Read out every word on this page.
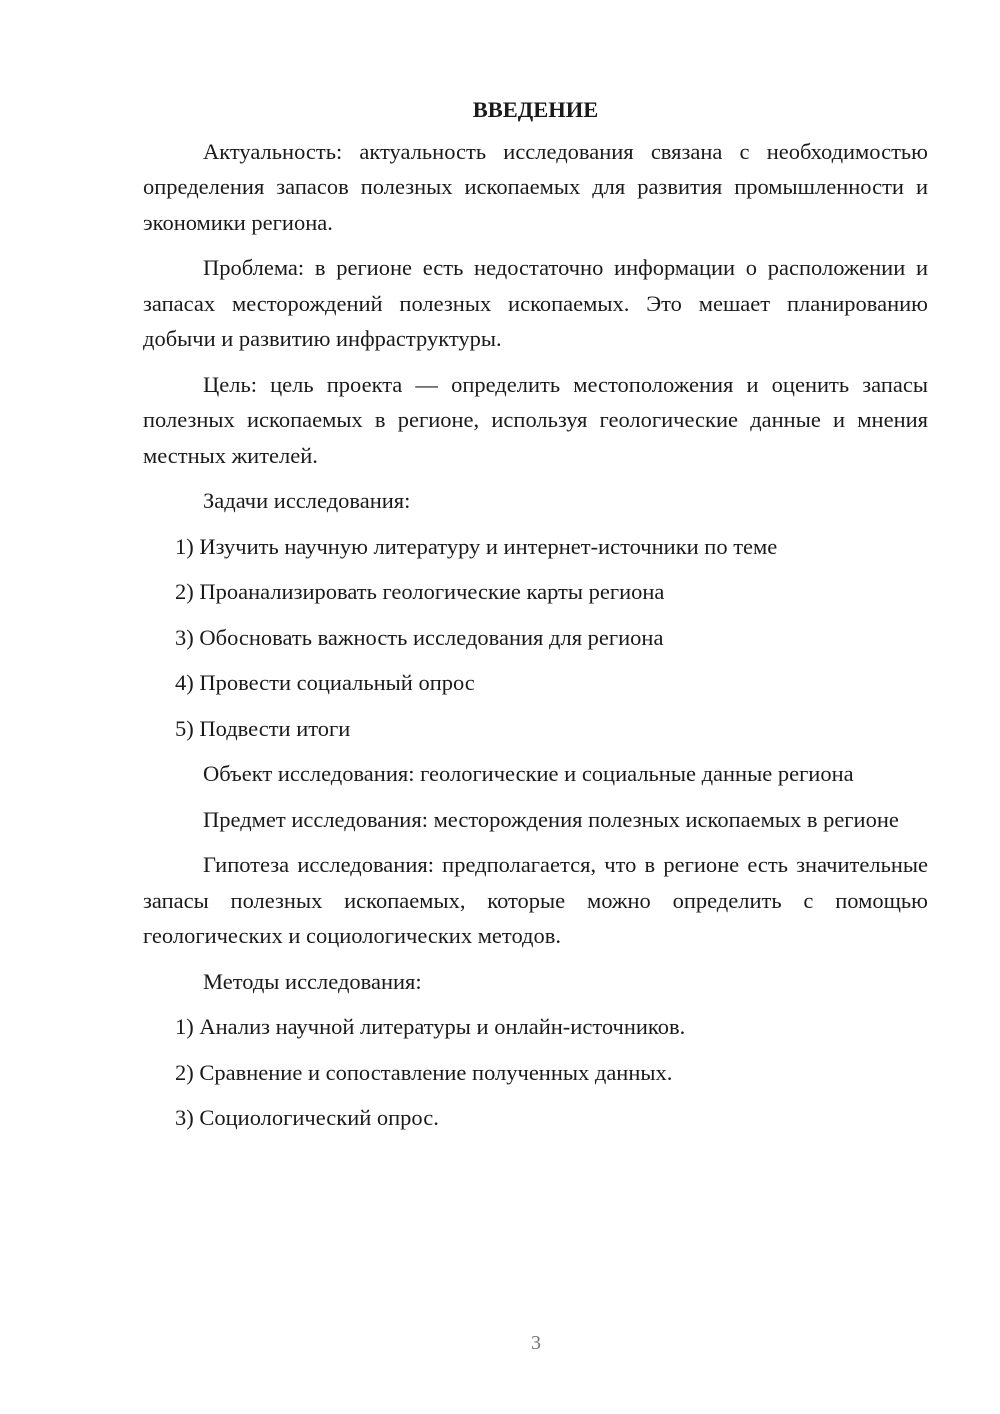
ВВЕДЕНИЕ

Актуальность: актуальность исследования связана с необходимостью определения запасов полезных ископаемых для развития промышленности и экономики региона.

Проблема: в регионе есть недостаточно информации о расположении и запасах месторождений полезных ископаемых. Это мешает планированию добычи и развитию инфраструктуры.

Цель: цель проекта — определить местоположения и оценить запасы полезных ископаемых в регионе, используя геологические данные и мнения местных жителей.

Задачи исследования:

1) Изучить научную литературу и интернет-источники по теме
2) Проанализировать геологические карты региона
3) Обосновать важность исследования для региона
4) Провести социальный опрос
5) Подвести итоги

Объект исследования: геологические и социальные данные региона

Предмет исследования: месторождения полезных ископаемых в регионе

Гипотеза исследования: предполагается, что в регионе есть значительные запасы полезных ископаемых, которые можно определить с помощью геологических и социологических методов.

Методы исследования:

1) Анализ научной литературы и онлайн-источников.
2) Сравнение и сопоставление полученных данных.
3) Социологический опрос.
3
